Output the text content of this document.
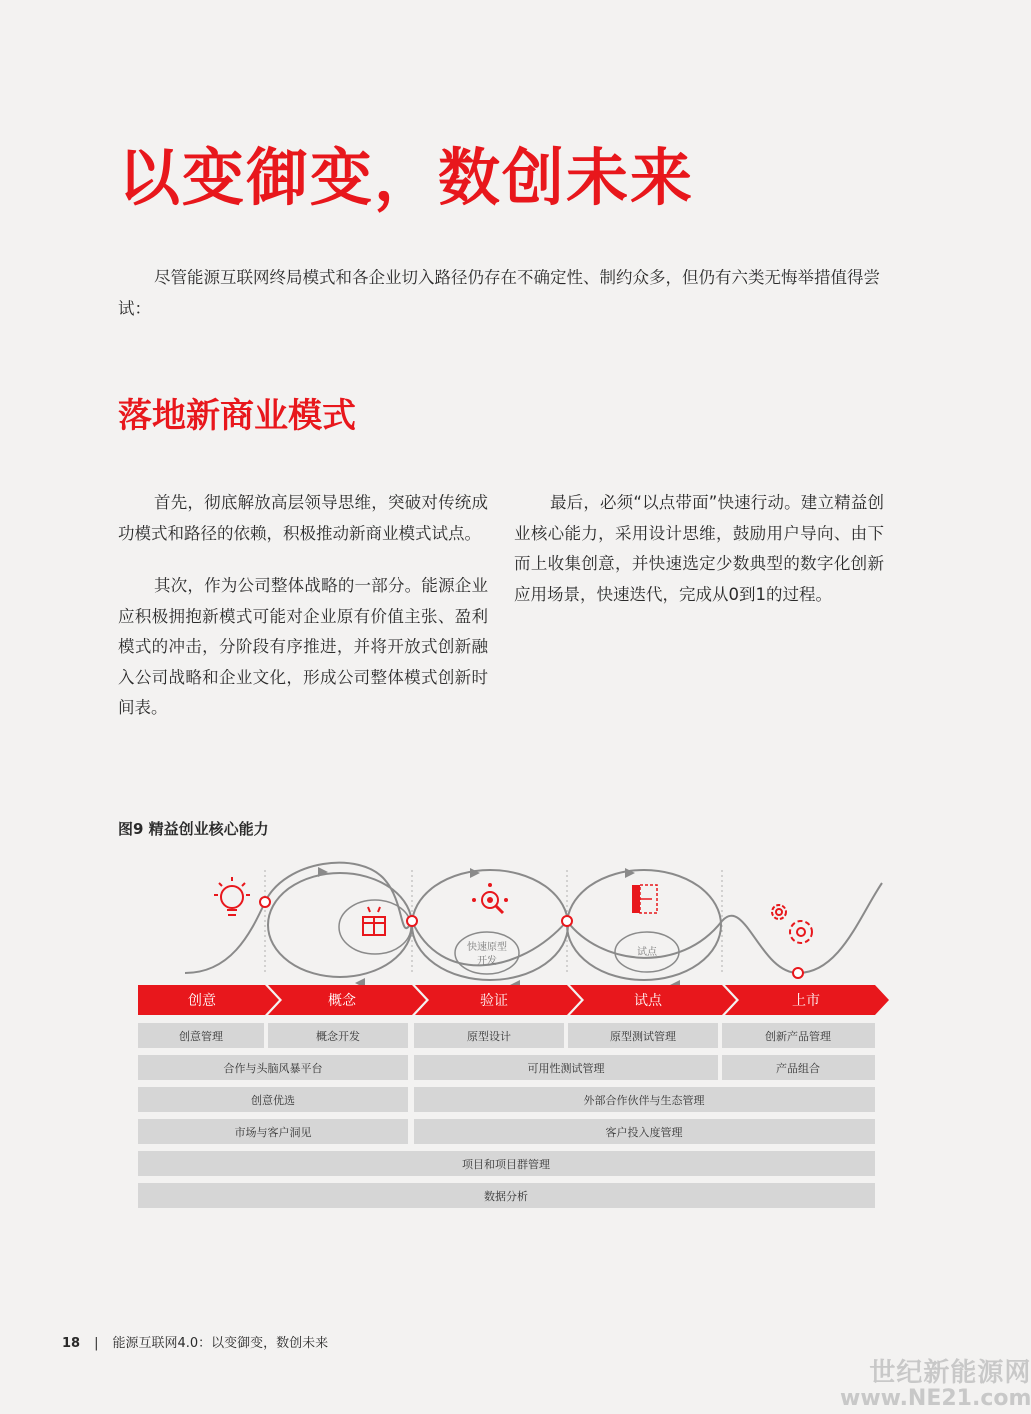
以变御变，数创未来

尽管能源互联网终局模式和各企业切入路径仍存在不确定性、制约众多，但仍有六类无悔举措值得尝试：

落地新商业模式

首先，彻底解放高层领导思维，突破对传统成功模式和路径的依赖，积极推动新商业模式试点。

其次，作为公司整体战略的一部分。能源企业应积极拥抱新模式可能对企业原有价值主张、盈利模式的冲击，分阶段有序推进，并将开放式创新融入公司战略和企业文化，形成公司整体模式创新时间表。

最后，必须“以点带面”快速行动。建立精益创业核心能力，采用设计思维，鼓励用户导向、由下而上收集创意，并快速选定少数典型的数字化创新应用场景，快速迭代，完成从0到1的过程。

图9 精益创业核心能力
快速原型
开发
试点
创意	概念	验证	试点	上市
创意管理	概念开发	原型设计	原型测试管理	创新产品管理
合作与头脑风暴平台	可用性测试管理	产品组合
创意优选	外部合作伙伴与生态管理
市场与客户洞见	客户投入度管理
项目和项目群管理
数据分析
18 | 能源互联网4.0：以变御变，数创未来
世纪新能源网
www.NE21.com
